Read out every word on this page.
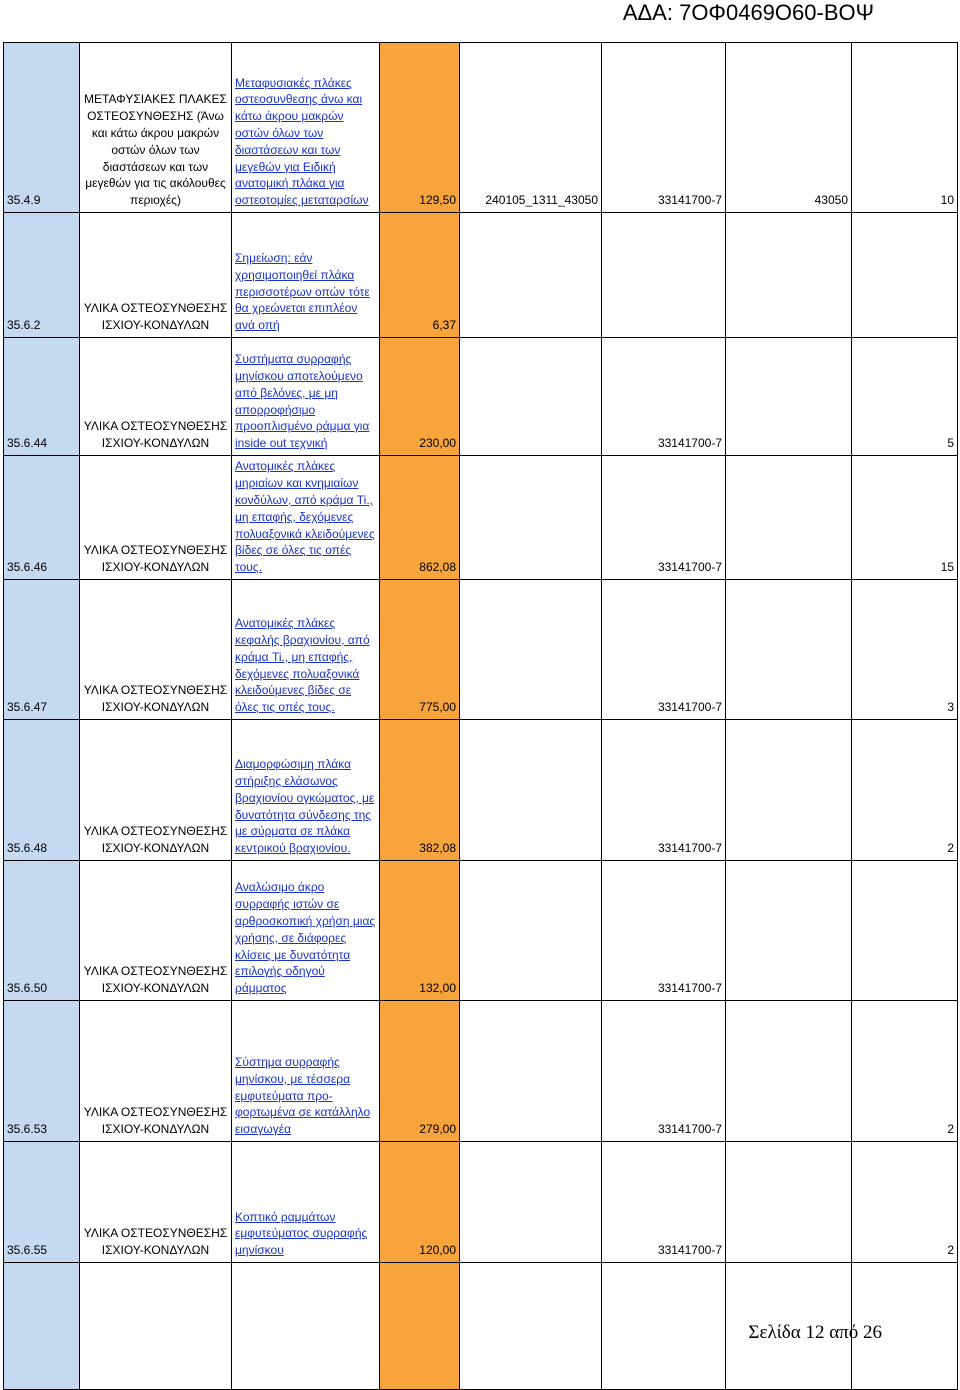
ΑΔΑ: 7ΟΦ0469Ο60-ΒΟΨ
35.4.9	ΜΕΤΑΦΥΣΙΑΚΕΣ ΠΛΑΚΕΣ ΟΣΤΕΟΣΥΝΘΕΣΗΣ (Άνω και κάτω άκρου μακρών οστών όλων των διαστάσεων και των μεγεθών για τις ακόλουθες περιοχές)	Μεταφυσιακές πλάκες οστεοσυνθεσης άνω και κάτω άκρου μακρών οστών όλων των διαστάσεων και των μεγεθών για Ειδική ανατομική πλάκα για οστεοτομίες μεταταρσίων	129,50	240105_1311_43050	33141700-7	43050	10
35.6.2	ΥΛΙΚΑ ΟΣΤΕΟΣΥΝΘΕΣΗΣ ΙΣΧΙΟΥ-ΚΟΝΔΥΛΩΝ	Σημείωση: εάν χρησιμοποιηθεί πλάκα περισσοτέρων οπών τότε θα χρεώνεται επιπλέον ανά οπή	6,37				
35.6.44	ΥΛΙΚΑ ΟΣΤΕΟΣΥΝΘΕΣΗΣ ΙΣΧΙΟΥ-ΚΟΝΔΥΛΩΝ	Συστήματα συρραφής μηνίσκου αποτελούμενο από βελόνες, με μη απορροφήσιμο προοπλισμένο ράμμα για inside out τεχνική	230,00		33141700-7		5
35.6.46	ΥΛΙΚΑ ΟΣΤΕΟΣΥΝΘΕΣΗΣ ΙΣΧΙΟΥ-ΚΟΝΔΥΛΩΝ	Ανατομικές πλάκες μηριαίων και κνημιαίων κονδύλων, από κράμα Ti., μη επαφής, δεχόμενες πολυαξονικά κλειδούμενες βίδες σε όλες τις οπές τους.	862,08		33141700-7		15
35.6.47	ΥΛΙΚΑ ΟΣΤΕΟΣΥΝΘΕΣΗΣ ΙΣΧΙΟΥ-ΚΟΝΔΥΛΩΝ	Ανατομικές πλάκες κεφαλής βραχιονίου, από κράμα Ti., μη επαφής, δεχόμενες πολυαξονικά κλειδούμενες βίδες σε όλες τις οπές τους.	775,00		33141700-7		3
35.6.48	ΥΛΙΚΑ ΟΣΤΕΟΣΥΝΘΕΣΗΣ ΙΣΧΙΟΥ-ΚΟΝΔΥΛΩΝ	Διαμορφώσιμη πλάκα στήριξης ελάσωνος βραχιονίου ογκώματος, με δυνατότητα σύνδεσης της με σύρματα σε πλάκα κεντρικού βραχιονίου.	382,08		33141700-7		2
35.6.50	ΥΛΙΚΑ ΟΣΤΕΟΣΥΝΘΕΣΗΣ ΙΣΧΙΟΥ-ΚΟΝΔΥΛΩΝ	Αναλώσιμο άκρο συρραφής ιστών σε αρθροσκοπική χρήση μιας χρήσης, σε διάφορες κλίσεις με δυνατότητα επιλογής οδηγού ράμματος	132,00		33141700-7		
35.6.53	ΥΛΙΚΑ ΟΣΤΕΟΣΥΝΘΕΣΗΣ ΙΣΧΙΟΥ-ΚΟΝΔΥΛΩΝ	Σύστημα συρραφής μηνίσκου, με τέσσερα εμφυτεύματα προ-φορτωμένα σε κατάλληλο εισαγωγέα	279,00		33141700-7		2
35.6.55	ΥΛΙΚΑ ΟΣΤΕΟΣΥΝΘΕΣΗΣ ΙΣΧΙΟΥ-ΚΟΝΔΥΛΩΝ	Κοπτικό ραμμάτων εμφυτεύματος συρραφής μηνίσκου	120,00		33141700-7		2

Σελίδα 12 από 26
